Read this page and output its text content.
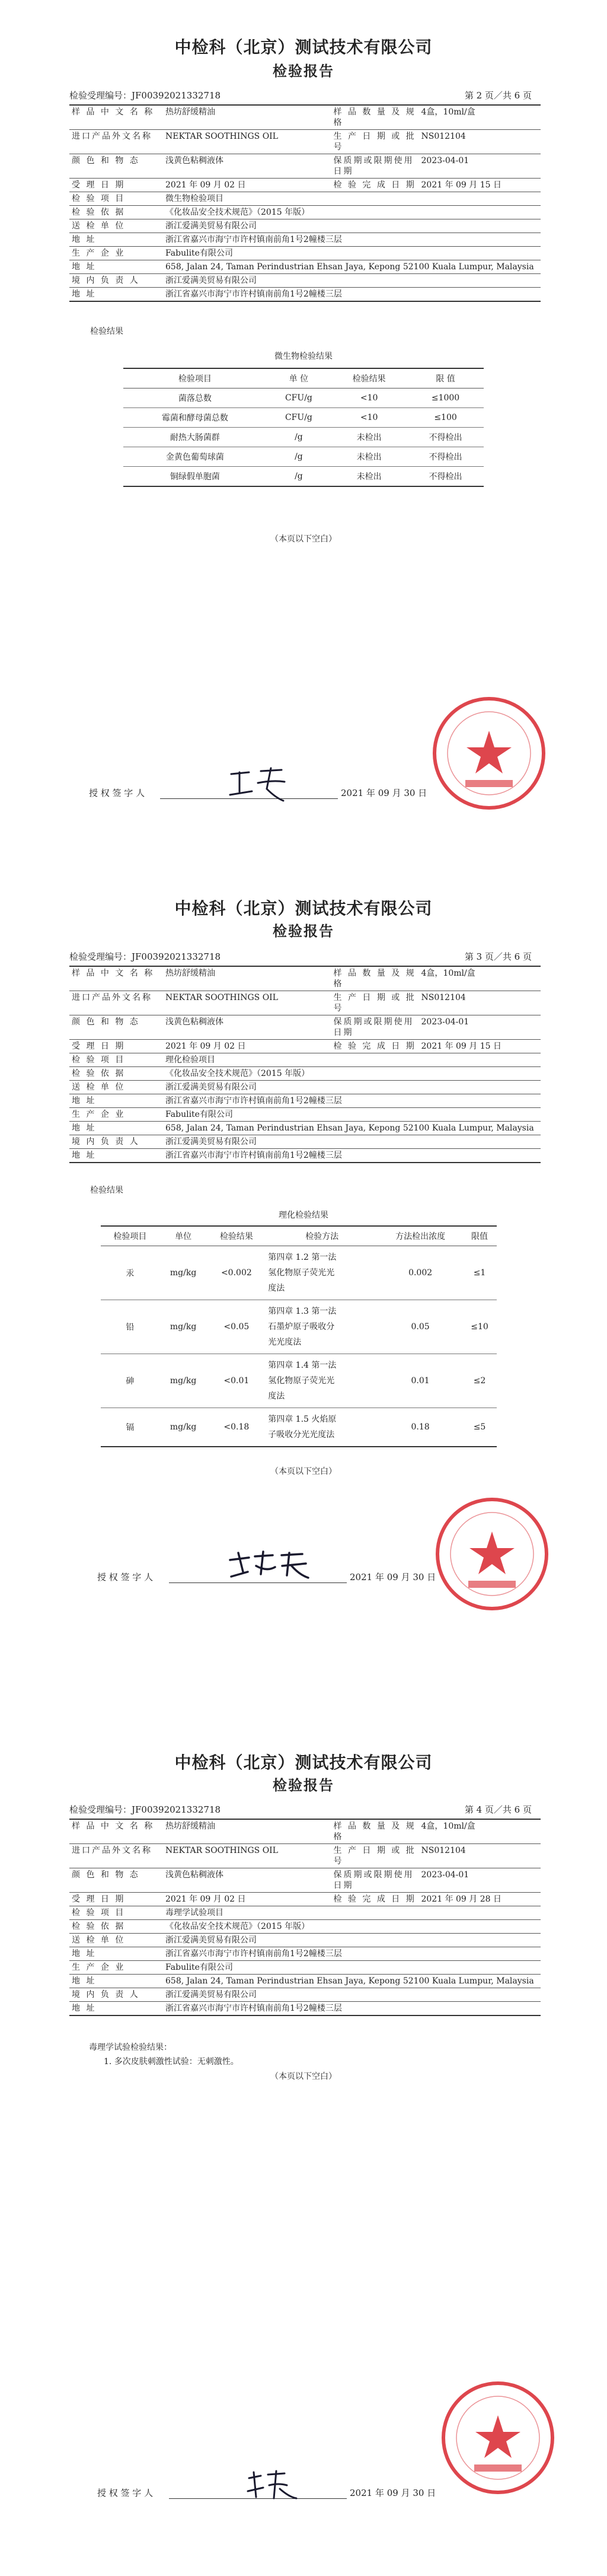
中检科（北京）测试技术有限公司
检验报告
检验受理编号：JF00392021332718	第 2 页／共 6 页
样 品 中 文 名 称	热坊舒缓精油	样 品 数 量 及 规 格	4盒，10ml/盒
进口产品外文名称	NEKTAR SOOTHINGS OIL	生 产 日 期 或 批 号	NS012104
颜 色 和 物 态	浅黄色粘稠液体	保质期或限期使用日期	2023-04-01
受 理 日 期	2021 年 09 月 02 日	检 验 完 成 日 期	2021 年 09 月 15 日
检 验 项 目	微生物检验项目		
检 验 依 据	《化妆品安全技术规范》（2015 年版）		
送 检 单 位	浙江爱满美贸易有限公司		
地 址	浙江省嘉兴市海宁市许村镇南前角1号2幢楼三层		
生 产 企 业	Fabulite有限公司		
地 址	658, Jalan 24, Taman Perindustrian Ehsan Jaya, Kepong 52100 Kuala Lumpur, Malaysia		
境 内 负 责 人	浙江爱满美贸易有限公司		
地 址	浙江省嘉兴市海宁市许村镇南前角1号2幢楼三层		
检验结果
微生物检验结果
检验项目	单 位	检验结果	限 值
菌落总数	CFU/g	<10	≤1000
霉菌和酵母菌总数	CFU/g	<10	≤100
耐热大肠菌群	/g	未检出	不得检出
金黄色葡萄球菌	/g	未检出	不得检出
铜绿假单胞菌	/g	未检出	不得检出
（本页以下空白）
授 权 签 字 人	2021 年 09 月 30 日
中检科（北京）测试技术有限公司
检验报告
检验受理编号：JF00392021332718	第 3 页／共 6 页
样 品 中 文 名 称	热坊舒缓精油	样 品 数 量 及 规 格	4盒，10ml/盒
进口产品外文名称	NEKTAR SOOTHINGS OIL	生 产 日 期 或 批 号	NS012104
颜 色 和 物 态	浅黄色粘稠液体	保质期或限期使用日期	2023-04-01
受 理 日 期	2021 年 09 月 02 日	检 验 完 成 日 期	2021 年 09 月 15 日
检 验 项 目	理化检验项目		
检 验 依 据	《化妆品安全技术规范》（2015 年版）		
送 检 单 位	浙江爱满美贸易有限公司		
地 址	浙江省嘉兴市海宁市许村镇南前角1号2幢楼三层		
生 产 企 业	Fabulite有限公司		
地 址	658, Jalan 24, Taman Perindustrian Ehsan Jaya, Kepong 52100 Kuala Lumpur, Malaysia		
境 内 负 责 人	浙江爱满美贸易有限公司		
地 址	浙江省嘉兴市海宁市许村镇南前角1号2幢楼三层		
检验结果
理化检验结果
检验项目	单位	检验结果	检验方法	方法检出浓度	限值
汞	mg/kg	<0.002	第四章 1.2 第一法
氢化物原子荧光光
度法	0.002	≤1
铅	mg/kg	<0.05	第四章 1.3 第一法
石墨炉原子吸收分
光光度法	0.05	≤10
砷	mg/kg	<0.01	第四章 1.4 第一法
氢化物原子荧光光
度法	0.01	≤2
镉	mg/kg	<0.18	第四章 1.5 火焰原
子吸收分光光度法	0.18	≤5
（本页以下空白）
授 权 签 字 人	2021 年 09 月 30 日
中检科（北京）测试技术有限公司
检验报告
检验受理编号：JF00392021332718	第 4 页／共 6 页
样 品 中 文 名 称	热坊舒缓精油	样 品 数 量 及 规 格	4盒，10ml/盒
进口产品外文名称	NEKTAR SOOTHINGS OIL	生 产 日 期 或 批 号	NS012104
颜 色 和 物 态	浅黄色粘稠液体	保质期或限期使用日期	2023-04-01
受 理 日 期	2021 年 09 月 02 日	检 验 完 成 日 期	2021 年 09 月 28 日
检 验 项 目	毒理学试验项目		
检 验 依 据	《化妆品安全技术规范》（2015 年版）		
送 检 单 位	浙江爱满美贸易有限公司		
地 址	浙江省嘉兴市海宁市许村镇南前角1号2幢楼三层		
生 产 企 业	Fabulite有限公司		
地 址	658, Jalan 24, Taman Perindustrian Ehsan Jaya, Kepong 52100 Kuala Lumpur, Malaysia		
境 内 负 责 人	浙江爱满美贸易有限公司		
地 址	浙江省嘉兴市海宁市许村镇南前角1号2幢楼三层		
毒理学试验检验结果：
1. 多次皮肤刺激性试验：无刺激性。
（本页以下空白）
授 权 签 字 人	2021 年 09 月 30 日
